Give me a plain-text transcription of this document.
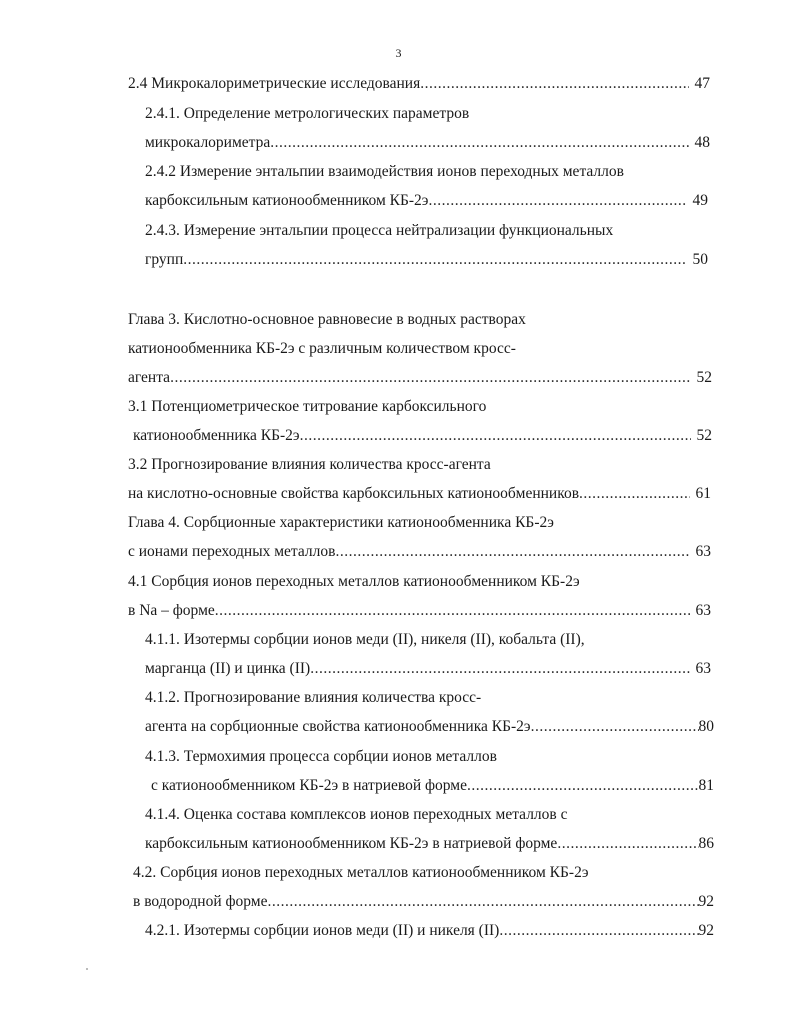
3
2.4 Микрокалориметрические исследования .....	47
2.4.1. Определение метрологических параметров
микрокалориметра .....	48
2.4.2 Измерение энтальпии взаимодействия ионов переходных металлов
карбоксильным катионообменником КБ-2э .....	49
2.4.3. Измерение энтальпии процесса нейтрализации функциональных
групп .....	50
Глава 3. Кислотно-основное равновесие в водных растворах
катионообменника КБ-2э с различным количеством кросс-
агента .....	52
3.1 Потенциометрическое титрование карбоксильного
катионообменника КБ-2э .....	52
3.2 Прогнозирование влияния количества кросс-агента
на кислотно-основные свойства карбоксильных катионообменников .....	61
Глава 4. Сорбционные характеристики катионообменника КБ-2э
с ионами переходных металлов .....	63
4.1 Сорбция ионов переходных металлов катионообменником КБ-2э
в Na – форме .....	63
4.1.1. Изотермы сорбции ионов меди (II), никеля (II), кобальта (II),
марганца (II) и цинка (II) .....	63
4.1.2. Прогнозирование влияния количества кросс-
агента на сорбционные свойства катионообменника КБ-2э .....	80
4.1.3. Термохимия процесса сорбции ионов металлов
с катионообменником КБ-2э в натриевой форме .....	81
4.1.4. Оценка состава комплексов ионов переходных металлов с
карбоксильным катионообменником КБ-2э в натриевой форме .....	86
4.2. Сорбция ионов переходных металлов катионообменником КБ-2э
в водородной форме .....	92
4.2.1. Изотермы сорбции ионов меди (II) и никеля (II) .....	92
